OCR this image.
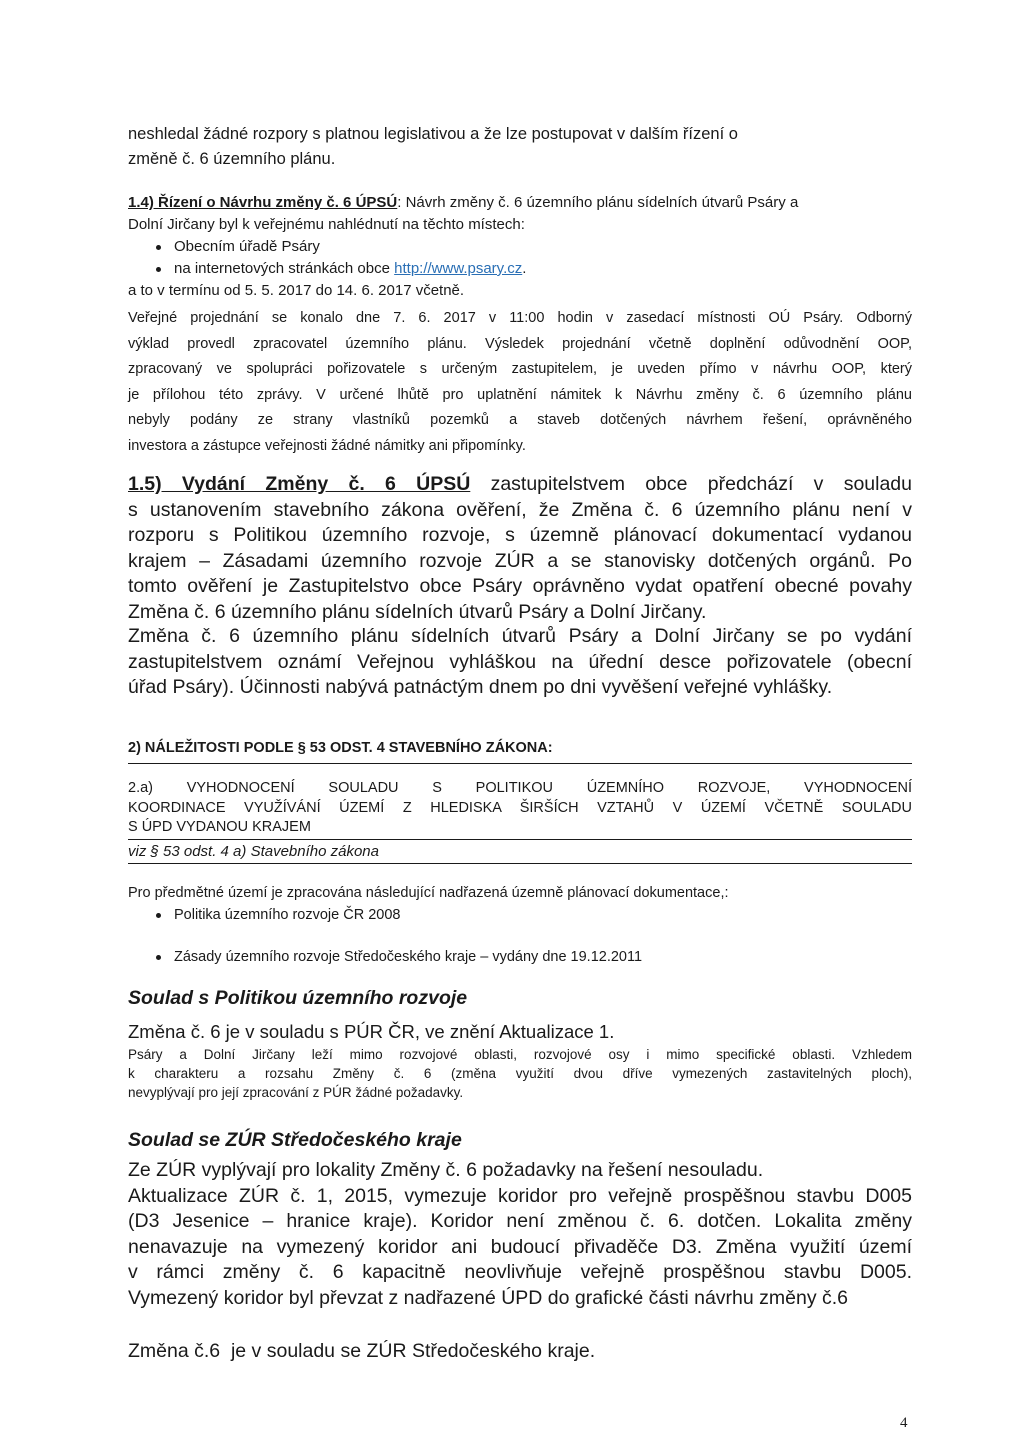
neshledal žádné rozpory s platnou legislativou a že lze postupovat v dalším řízení o
změně č. 6 územního plánu.
1.4) Řízení o Návrhu změny č. 6 ÚPSÚ: Návrh změny č. 6 územního plánu sídelních útvarů Psáry a
Dolní Jirčany byl k veřejnému nahlédnutí na těchto místech:
Obecním úřadě Psáry
na internetových stránkách obce http://www.psary.cz.
a to v termínu od 5. 5. 2017 do 14. 6. 2017 včetně.
Veřejné projednání se konalo dne 7. 6. 2017 v 11:00 hodin v zasedací místnosti OÚ Psáry. Odborný
výklad provedl zpracovatel územního plánu. Výsledek projednání včetně doplnění odůvodnění OOP,
zpracovaný ve spolupráci pořizovatele s určeným zastupitelem, je uveden přímo v návrhu OOP, který
je přílohou této zprávy. V určené lhůtě pro uplatnění námitek k Návrhu změny č. 6 územního plánu
nebyly podány ze strany vlastníků pozemků a staveb dotčených návrhem řešení, oprávněného
investora a zástupce veřejnosti žádné námitky ani připomínky.
1.5) Vydání Změny č. 6 ÚPSÚ zastupitelstvem obce předchází v souladu
s ustanovením stavebního zákona ověření, že Změna č. 6 územního plánu není v
rozporu s Politikou územního rozvoje, s územně plánovací dokumentací vydanou
krajem – Zásadami územního rozvoje ZÚR a se stanovisky dotčených orgánů. Po
tomto ověření je Zastupitelstvo obce Psáry oprávněno vydat opatření obecné povahy
Změna č. 6 územního plánu sídelních útvarů Psáry a Dolní Jirčany.
Změna č. 6 územního plánu sídelních útvarů Psáry a Dolní Jirčany se po vydání
zastupitelstvem oznámí Veřejnou vyhláškou na úřední desce pořizovatele (obecní
úřad Psáry). Účinnosti nabývá patnáctým dnem po dni vyvěšení veřejné vyhlášky.
2) NÁLEŽITOSTI PODLE § 53 ODST. 4 STAVEBNÍHO ZÁKONA:
2.a) VYHODNOCENÍ SOULADU S POLITIKOU ÚZEMNÍHO ROZVOJE, VYHODNOCENÍ
KOORDINACE VYUŽÍVÁNÍ ÚZEMÍ Z HLEDISKA ŠIRŠÍCH VZTAHŮ V ÚZEMÍ VČETNĚ SOULADU
S ÚPD VYDANOU KRAJEM
viz § 53 odst. 4 a) Stavebního zákona
Pro předmětné území je zpracována následující nadřazená územně plánovací dokumentace,:
Politika územního rozvoje ČR 2008
Zásady územního rozvoje Středočeského kraje – vydány dne 19.12.2011
Soulad s Politikou územního rozvoje
Změna č. 6 je v souladu s PÚR ČR, ve znění Aktualizace 1.
Psáry a Dolní Jirčany leží mimo rozvojové oblasti, rozvojové osy i mimo specifické oblasti. Vzhledem
k charakteru a rozsahu Změny č. 6 (změna využití dvou dříve vymezených zastavitelných ploch),
nevyplývají pro její zpracování z PÚR žádné požadavky.
Soulad se ZÚR Středočeského kraje
Ze ZÚR vyplývají pro lokality Změny č. 6 požadavky na řešení nesouladu.
Aktualizace ZÚR č. 1, 2015, vymezuje koridor pro veřejně prospěšnou stavbu D005
(D3 Jesenice – hranice kraje). Koridor není změnou č. 6. dotčen. Lokalita změny
nenavazuje na vymezený koridor ani budoucí přivaděče D3. Změna využití území
v rámci změny č. 6 kapacitně neovlivňuje veřejně prospěšnou stavbu D005.
Vymezený koridor byl převzat z nadřazené ÚPD do grafické části návrhu změny č.6
Změna č.6  je v souladu se ZÚR Středočeského kraje.
4
